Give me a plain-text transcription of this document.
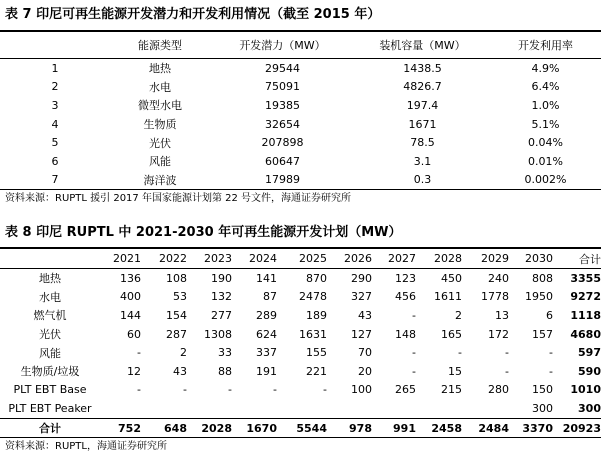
表 7 印尼可再生能源开发潜力和开发利用情况（截至 2015 年）
	能源类型	开发潜力（MW）	装机容量（MW）	开发利用率
1	地热	29544	1438.5	4.9%
2	水电	75091	4826.7	6.4%
3	微型水电	19385	197.4	1.0%
4	生物质	32654	1671	5.1%
5	光伏	207898	78.5	0.04%
6	风能	60647	3.1	0.01%
7	海洋波	17989	0.3	0.002%
资料来源：RUPTL 援引 2017 年国家能源计划第 22 号文件，海通证券研究所
表 8 印尼 RUPTL 中 2021-2030 年可再生能源开发计划（MW）
	2021	2022	2023	2024	2025	2026	2027	2028	2029	2030	合计
地热	136	108	190	141	870	290	123	450	240	808	3355
水电	400	53	132	87	2478	327	456	1611	1778	1950	9272
燃气机	144	154	277	289	189	43	-	2	13	6	1118
光伏	60	287	1308	624	1631	127	148	165	172	157	4680
风能	-	2	33	337	155	70	-	-	-	-	597
生物质/垃圾	12	43	88	191	221	20	-	15	-	-	590
PLT EBT Base	-	-	-	-	-	100	265	215	280	150	1010
PLT EBT Peaker										300	300
合计	752	648	2028	1670	5544	978	991	2458	2484	3370	20923
资料来源：RUPTL，海通证券研究所
